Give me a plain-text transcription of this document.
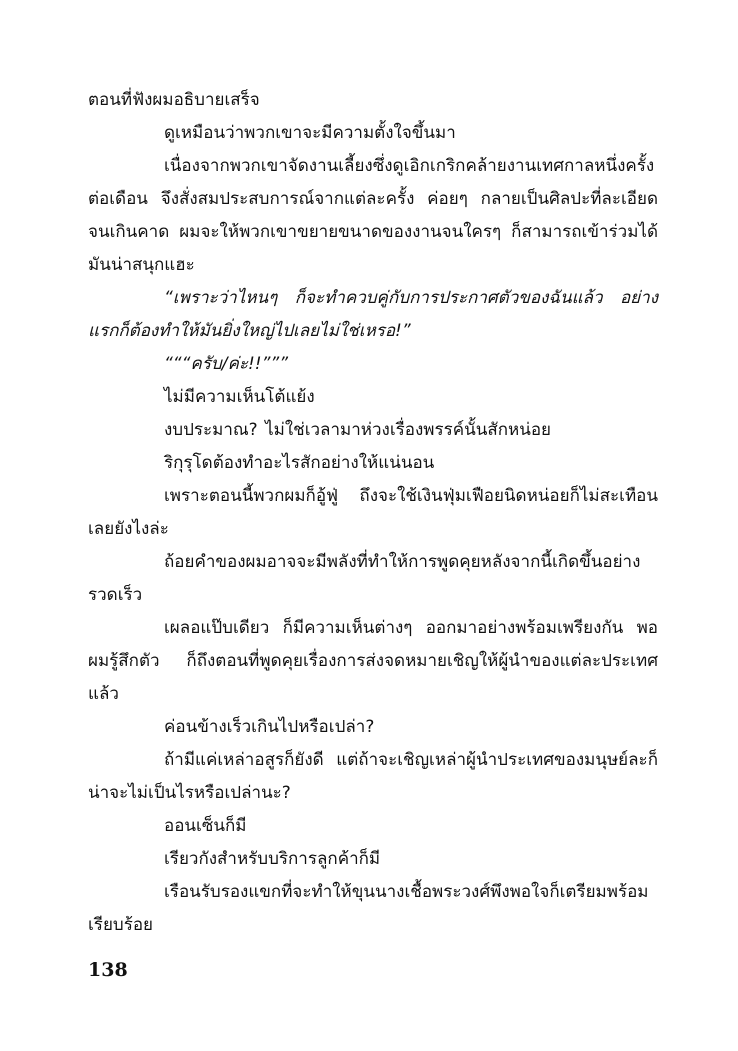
ตอนที่ฟังผมอธิบายเสร็จ

ดูเหมือนว่าพวกเขาจะมีความตั้งใจขึ้นมา

เนื่องจากพวกเขาจัดงานเลี้ยงซึ่งดูเอิกเกริกคล้ายงานเทศกาลหนึ่งครั้งต่อเดือน จึงสั่งสมประสบการณ์จากแต่ละครั้ง ค่อยๆ กลายเป็นศิลปะที่ละเอียดจนเกินคาด ผมจะให้พวกเขาขยายขนาดของงานจนใครๆ ก็สามารถเข้าร่วมได้ มันน่าสนุกแฮะ

“เพราะว่าไหนๆ ก็จะทำควบคู่กับการประกาศตัวของฉันแล้ว อย่างแรกก็ต้องทำให้มันยิ่งใหญ่ไปเลยไม่ใช่เหรอ!”

“““ครับ/ค่ะ!!”””

ไม่มีความเห็นโต้แย้ง

งบประมาณ? ไม่ใช่เวลามาห่วงเรื่องพรรค์นั้นสักหน่อย

ริกุรุโดต้องทำอะไรสักอย่างให้แน่นอน

เพราะตอนนี้พวกผมก็อู้ฟู่ ถึงจะใช้เงินฟุ่มเฟือยนิดหน่อยก็ไม่สะเทือนเลยยังไงล่ะ

ถ้อยคำของผมอาจจะมีพลังที่ทำให้การพูดคุยหลังจากนี้เกิดขึ้นอย่างรวดเร็ว

เผลอแป๊บเดียว ก็มีความเห็นต่างๆ ออกมาอย่างพร้อมเพรียงกัน พอผมรู้สึกตัว ก็ถึงตอนที่พูดคุยเรื่องการส่งจดหมายเชิญให้ผู้นำของแต่ละประเทศแล้ว

ค่อนข้างเร็วเกินไปหรือเปล่า?

ถ้ามีแค่เหล่าอสูรก็ยังดี แต่ถ้าจะเชิญเหล่าผู้นำประเทศของมนุษย์ละก็ น่าจะไม่เป็นไรหรือเปล่านะ?

ออนเซ็นก็มี

เรียวกังสำหรับบริการลูกค้าก็มี

เรือนรับรองแขกที่จะทำให้ขุนนางเชื้อพระวงศ์พึงพอใจก็เตรียมพร้อมเรียบร้อย

138
